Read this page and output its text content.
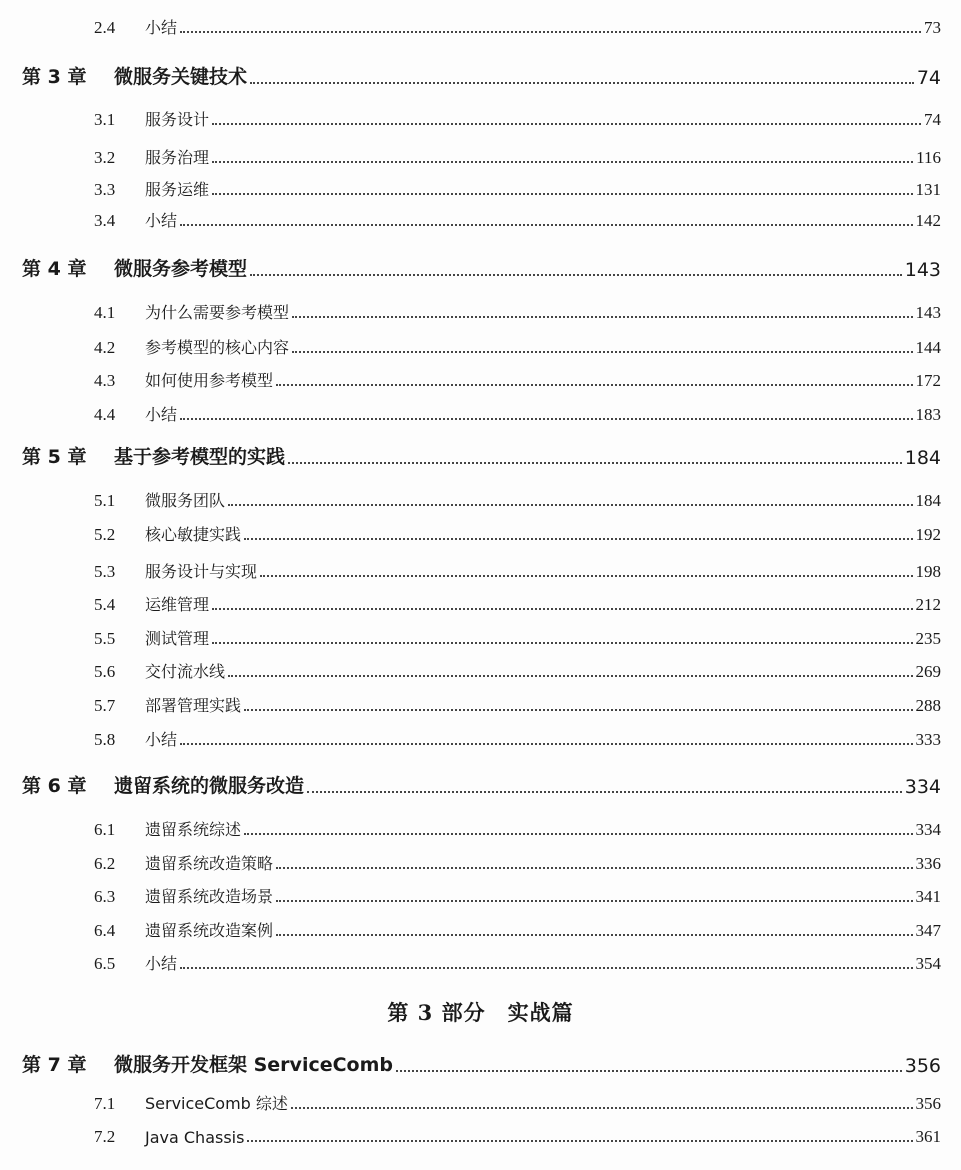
第 3 部分　实战篇
2.4	小结	73
第 3 章	微服务关键技术	74
3.1	服务设计	74
3.2	服务治理	116
3.3	服务运维	131
3.4	小结	142
第 4 章	微服务参考模型	143
4.1	为什么需要参考模型	143
4.2	参考模型的核心内容	144
4.3	如何使用参考模型	172
4.4	小结	183
第 5 章	基于参考模型的实践	184
5.1	微服务团队	184
5.2	核心敏捷实践	192
5.3	服务设计与实现	198
5.4	运维管理	212
5.5	测试管理	235
5.6	交付流水线	269
5.7	部署管理实践	288
5.8	小结	333
第 6 章	遗留系统的微服务改造	334
6.1	遗留系统综述	334
6.2	遗留系统改造策略	336
6.3	遗留系统改造场景	341
6.4	遗留系统改造案例	347
6.5	小结	354
第 7 章	微服务开发框架 ServiceComb	356
7.1	ServiceComb 综述	356
7.2	Java Chassis	361
